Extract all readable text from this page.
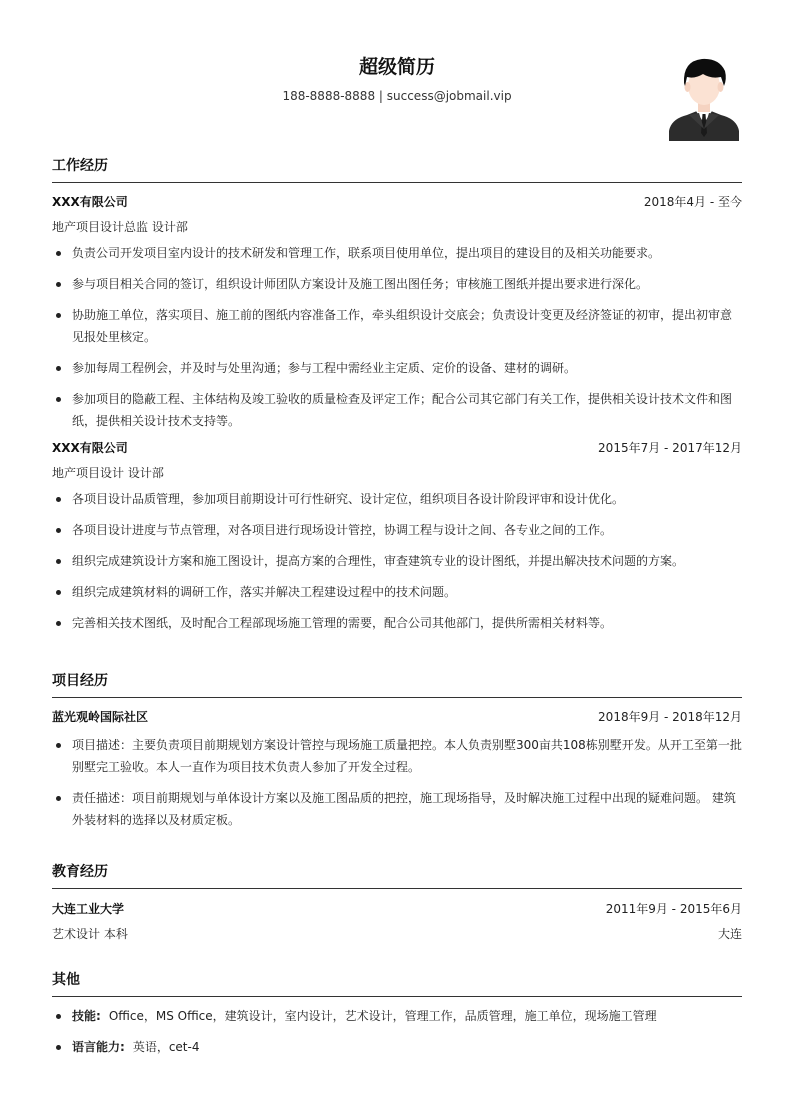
超级简历
188-8888-8888 | success@jobmail.vip
工作经历
XXX有限公司	2018年4月 - 至今
地产项目设计总监 设计部
负责公司开发项目室内设计的技术研发和管理工作，联系项目使用单位，提出项目的建设目的及相关功能要求。
参与项目相关合同的签订，组织设计师团队方案设计及施工图出图任务；审核施工图纸并提出要求进行深化。
协助施工单位，落实项目、施工前的图纸内容准备工作，牵头组织设计交底会；负责设计变更及经济签证的初审，提出初审意见报处里核定。
参加每周工程例会，并及时与处里沟通；参与工程中需经业主定质、定价的设备、建材的调研。
参加项目的隐蔽工程、主体结构及竣工验收的质量检查及评定工作；配合公司其它部门有关工作，提供相关设计技术文件和图纸，提供相关设计技术支持等。
XXX有限公司	2015年7月 - 2017年12月
地产项目设计 设计部
各项目设计品质管理，参加项目前期设计可行性研究、设计定位，组织项目各设计阶段评审和设计优化。
各项目设计进度与节点管理，对各项目进行现场设计管控，协调工程与设计之间、各专业之间的工作。
组织完成建筑设计方案和施工图设计，提高方案的合理性，审查建筑专业的设计图纸，并提出解决技术问题的方案。
组织完成建筑材料的调研工作，落实并解决工程建设过程中的技术问题。
完善相关技术图纸，及时配合工程部现场施工管理的需要，配合公司其他部门，提供所需相关材料等。
项目经历
蓝光观岭国际社区	2018年9月 - 2018年12月
项目描述：主要负责项目前期规划方案设计管控与现场施工质量把控。本人负责别墅300亩共108栋别墅开发。从开工至第一批别墅完工验收。本人一直作为项目技术负责人参加了开发全过程。
责任描述：项目前期规划与单体设计方案以及施工图品质的把控，施工现场指导，及时解决施工过程中出现的疑难问题。 建筑外装材料的选择以及材质定板。
教育经历
大连工业大学	2011年9月 - 2015年6月
艺术设计 本科	大连
其他
技能: Office，MS Office，建筑设计，室内设计，艺术设计，管理工作，品质管理，施工单位，现场施工管理
语言能力: 英语，cet-4
